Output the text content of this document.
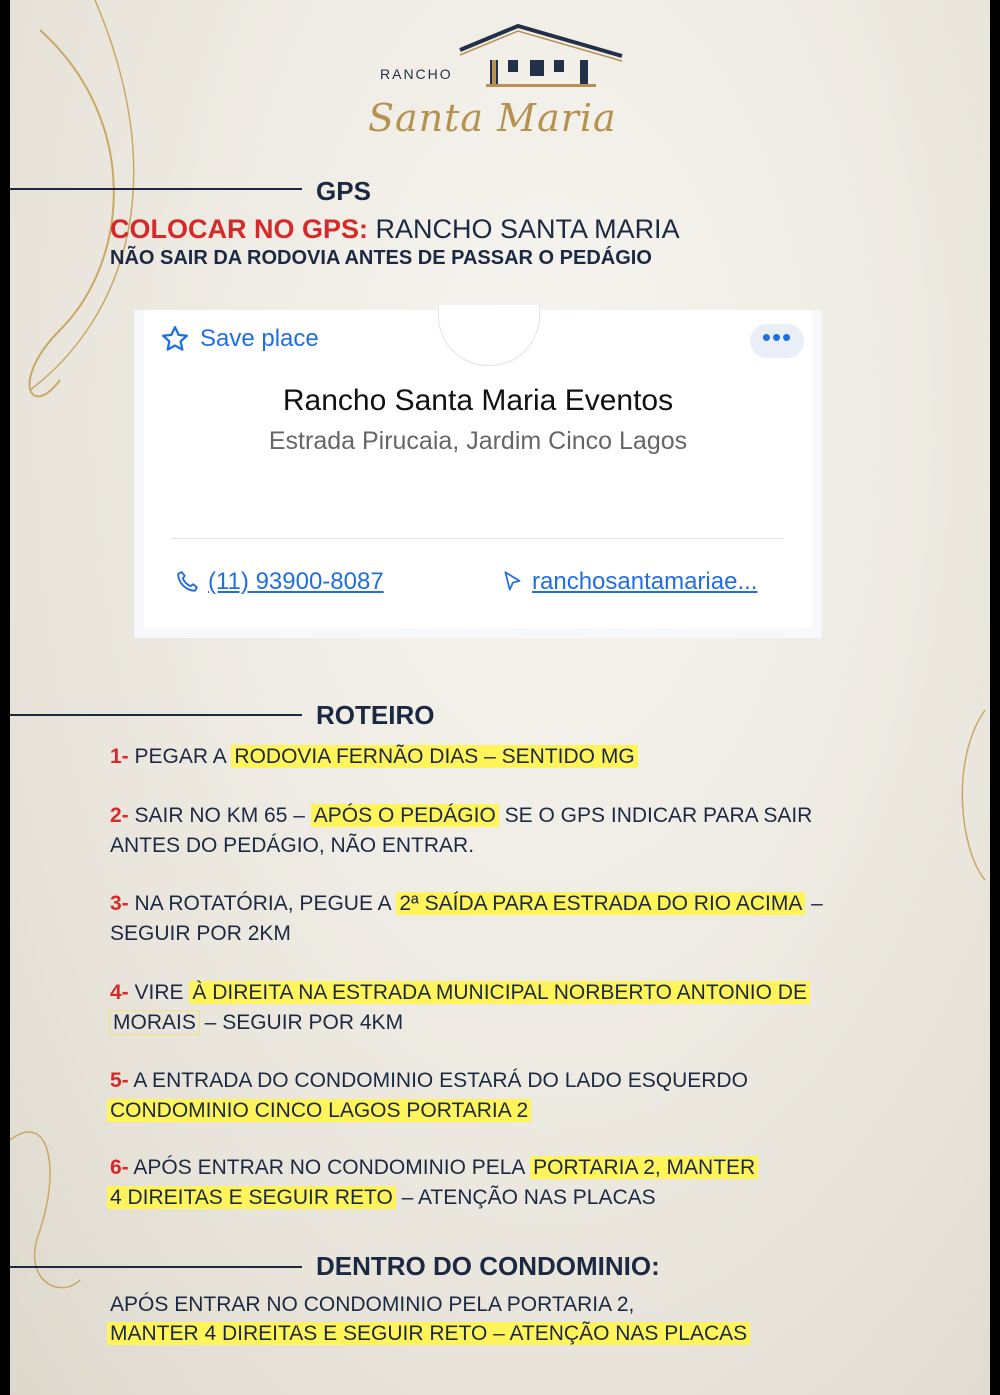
RANCHO
Santa Maria
GPS
COLOCAR NO GPS: RANCHO SANTA MARIA
NÃO SAIR DA RODOVIA ANTES DE PASSAR O PEDÁGIO
Save place	•••
Rancho Santa Maria Eventos
Estrada Pirucaia, Jardim Cinco Lagos
(11) 93900-8087	ranchosantamariae...
ROTEIRO
1- PEGAR A RODOVIA FERNÃO DIAS – SENTIDO MG
2- SAIR NO KM 65 – APÓS O PEDÁGIO SE O GPS INDICAR PARA SAIR
ANTES DO PEDÁGIO, NÃO ENTRAR.
3- NA ROTATÓRIA, PEGUE A 2ª SAÍDA PARA ESTRADA DO RIO ACIMA –
SEGUIR POR 2KM
4- VIRE À DIREITA NA ESTRADA MUNICIPAL NORBERTO ANTONIO DE
MORAIS – SEGUIR POR 4KM
5- A ENTRADA DO CONDOMINIO ESTARÁ DO LADO ESQUERDO
CONDOMINIO CINCO LAGOS PORTARIA 2
6- APÓS ENTRAR NO CONDOMINIO PELA PORTARIA 2, MANTER
4 DIREITAS E SEGUIR RETO – ATENÇÃO NAS PLACAS
DENTRO DO CONDOMINIO:
APÓS ENTRAR NO CONDOMINIO PELA PORTARIA 2,
MANTER 4 DIREITAS E SEGUIR RETO – ATENÇÃO NAS PLACAS
